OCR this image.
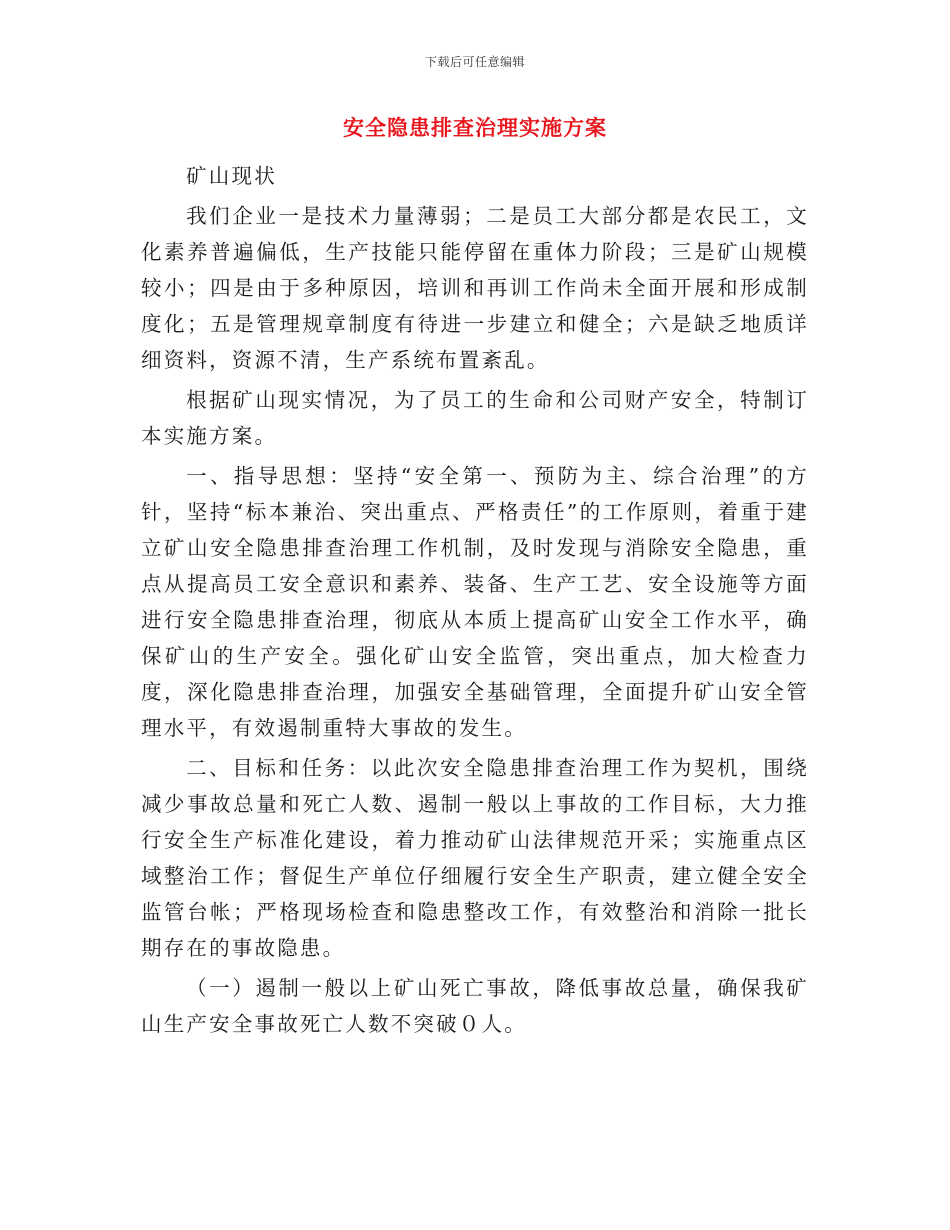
下载后可任意编辑
安全隐患排查治理实施方案

矿山现状

我们企业一是技术力量薄弱；二是员工大部分都是农民工，文化素养普遍偏低，生产技能只能停留在重体力阶段；三是矿山规模较小；四是由于多种原因，培训和再训工作尚未全面开展和形成制度化；五是管理规章制度有待进一步建立和健全；六是缺乏地质详细资料，资源不清，生产系统布置紊乱。

根据矿山现实情况，为了员工的生命和公司财产安全，特制订本实施方案。

一、指导思想：坚持“安全第一、预防为主、综合治理”的方针，坚持“标本兼治、突出重点、严格责任”的工作原则，着重于建立矿山安全隐患排查治理工作机制，及时发现与消除安全隐患，重点从提高员工安全意识和素养、装备、生产工艺、安全设施等方面进行安全隐患排查治理，彻底从本质上提高矿山安全工作水平，确保矿山的生产安全。强化矿山安全监管，突出重点，加大检查力度，深化隐患排查治理，加强安全基础管理，全面提升矿山安全管理水平，有效遏制重特大事故的发生。

二、目标和任务：以此次安全隐患排查治理工作为契机，围绕减少事故总量和死亡人数、遏制一般以上事故的工作目标，大力推行安全生产标准化建设，着力推动矿山法律规范开采；实施重点区域整治工作；督促生产单位仔细履行安全生产职责，建立健全安全监管台帐；严格现场检查和隐患整改工作，有效整治和消除一批长期存在的事故隐患。

（一）遏制一般以上矿山死亡事故，降低事故总量，确保我矿山生产安全事故死亡人数不突破０人。
